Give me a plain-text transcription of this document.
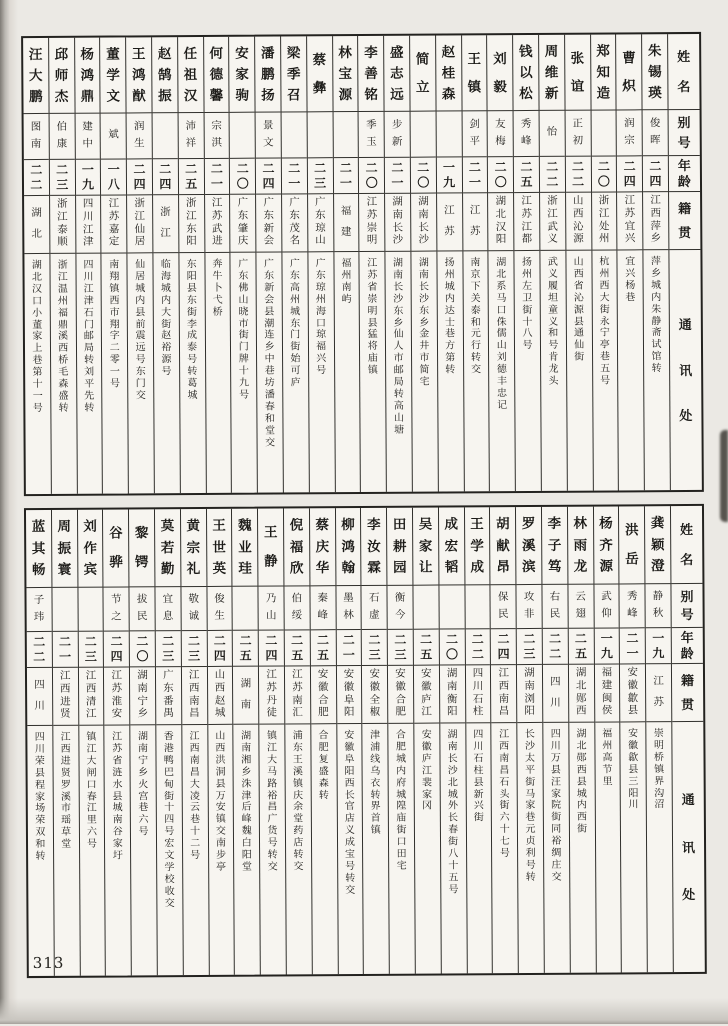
汪
大
鹏
图
南
二
二
湖
北
湖
北
汉
口
小
董
家
上
巷
第
十
一
号
邱
师
杰
伯
康
二
三
浙
江
泰
顺
浙
江
温
州
福
鼎
溪
西
桥
毛
森
盛
转
杨
鸿
鼎
建
中
一
九
四
川
江
津
四
川
江
津
石
门
邮
局
转
刘
平
先
转
董
学
文
斌
一
八
江
苏
嘉
定
南
翔
镇
西
市
翔
字
二
零
一
号
王
鸿
猷
润
生
二
四
浙
江
仙
居
仙
居
城
内
县
前
震
远
号
东
门
交
赵
鹄
振
二
四
浙
江
临
海
城
内
大
街
赵
裕
源
号
任
祖
汉
沛
祥
二
五
浙
江
东
阳
东
阳
县
东
街
李
成
泰
号
转
葛
城
何
德
馨
宗
淇
二
一
江
苏
武
进
奔
牛
卜
弋
桥
安
家
驹
二
〇
广
东
肇
庆
广
东
佛
山
晓
市
街
门
牌
十
九
号
潘
鹏
扬
景
文
二
四
广
东
新
会
广
东
新
会
县
潮
连
乡
中
巷
坊
潘
春
和
堂
交
梁
季
召
二
一
广
东
茂
名
广
东
高
州
城
东
门
街
始
可
庐
蔡
彝
二
三
广
东
琼
山
广
东
琼
州
海
口
琼
福
兴
号
林
宝
源
二
一
福
建
福
州
南
屿
李
善
铭
季
玉
二
〇
江
苏
崇
明
江
苏
省
崇
明
县
猛
将
庙
镇
盛
志
远
步
新
二
一
湖
南
长
沙
湖
南
长
沙
东
乡
仙
人
市
邮
局
转
高
山
塘
简
立
二
〇
湖
南
长
沙
湖
南
长
沙
东
乡
金
井
市
简
宅
赵
桂
森
一
九
江
苏
扬
州
城
内
达
士
巷
方
第
转
王
镇
剑
平
二
一
江
苏
南
京
下
关
泰
和
元
行
转
交
刘
毅
友
梅
二
〇
湖
北
汉
阳
湖
北
系
马
口
侏
儒
山
刘
德
丰
忠
记
钱
以
松
秀
峰
二
五
江
苏
江
都
扬
州
左
卫
街
十
八
号
周
维
新
怡
二
二
浙
江
武
义
武
义
履
坦
童
义
和
号
肯
龙
头
张
谊
正
初
二
二
山
西
沁
源
山
西
省
沁
源
县
通
仙
街
郑
知
造
二
〇
浙
江
处
州
杭
州
西
大
街
永
宁
亭
巷
五
号
曹
炽
润
宗
二
四
江
苏
宜
兴
宜
兴
杨
巷
朱
锡
瑛
俊
晖
二
四
江
西
萍
乡
萍
乡
城
内
朱
静
斋
试
馆
转
姓
名
别
号
年
龄
籍
贯
通
讯
处
蓝
其
畅
子
玮
二
二
四
川
四
川
荣
县
程
家
场
荣
双
和
转
周
振
寰
二
一
江
西
进
贤
江
西
进
贤
罗
溪
市
瑶
草
堂
刘
作
宾
二
三
江
西
清
江
镇
江
大
闸
口
春
江
里
六
号
谷
骅
节
之
二
四
江
苏
淮
安
江
苏
省
涟
水
县
城
南
谷
家
圩
黎
锷
拔
民
二
〇
湖
南
宁
乡
湖
南
宁
乡
火
宫
巷
六
号
莫
若
勤
宜
息
二
三
广
东
番
禺
香
港
鸭
巴
甸
街
十
四
号
宏
文
学
校
收
交
黄
宗
礼
敬
诚
二
三
江
西
南
昌
江
西
南
昌
大
凌
云
巷
十
二
号
王
世
英
俊
生
二
四
山
西
赵
城
山
西
洪
洞
县
万
安
镇
交
南
步
亭
魏
业
珪
二
五
湖
南
湖
南
湘
乡
洙
津
后
峰
魏
白
阳
堂
王
静
乃
山
二
四
江
苏
丹
徒
镇
江
大
马
路
裕
昌
广
货
号
转
交
倪
福
欣
伯
绥
二
五
江
苏
南
汇
浦
东
王
溪
镇
庆
余
堂
药
店
转
交
蔡
庆
华
秦
峰
二
五
安
徽
合
肥
合
肥
复
盛
森
转
柳
鸿
翰
墨
林
二
一
安
徽
阜
阳
安
徽
阜
阳
西
长
官
店
义
成
宝
号
转
交
李
汝
霖
石
虚
二
三
安
徽
全
椒
津
浦
线
乌
衣
转
界
首
镇
田
耕
园
衡
今
二
三
安
徽
合
肥
合
肥
城
内
府
城
隍
庙
街
口
田
宅
吴
家
让
二
五
安
徽
庐
江
安
徽
庐
江
裴
家
冈
成
宏
韬
二
〇
湖
南
衡
阳
湖
南
长
沙
北
城
外
长
春
街
八
十
五
号
王
学
成
二
二
四
川
石
柱
四
川
石
柱
县
新
兴
街
胡
献
昂
保
民
二
四
江
西
南
昌
江
西
南
昌
石
头
街
六
十
七
号
罗
溪
滨
攻
非
二
三
湖
南
浏
阳
长
沙
太
平
街
马
家
巷
元
贞
利
号
转
李
子
笃
右
民
二
二
四
川
四
川
万
县
汪
家
院
街
同
裕
绸
庄
交
林
雨
龙
云
翅
二
五
湖
北
郧
西
湖
北
郧
西
县
城
内
西
街
杨
齐
源
武
仰
一
九
福
建
闽
侯
福
州
高
节
里
洪
岳
秀
峰
二
一
安
徽
歙
县
安
徽
歙
县
三
阳
川
龚
颖
澄
静
秋
一
九
江
苏
崇
明
桥
镇
界
沟
沼
姓
名
别
号
年
龄
籍
贯
通
讯
处
313
